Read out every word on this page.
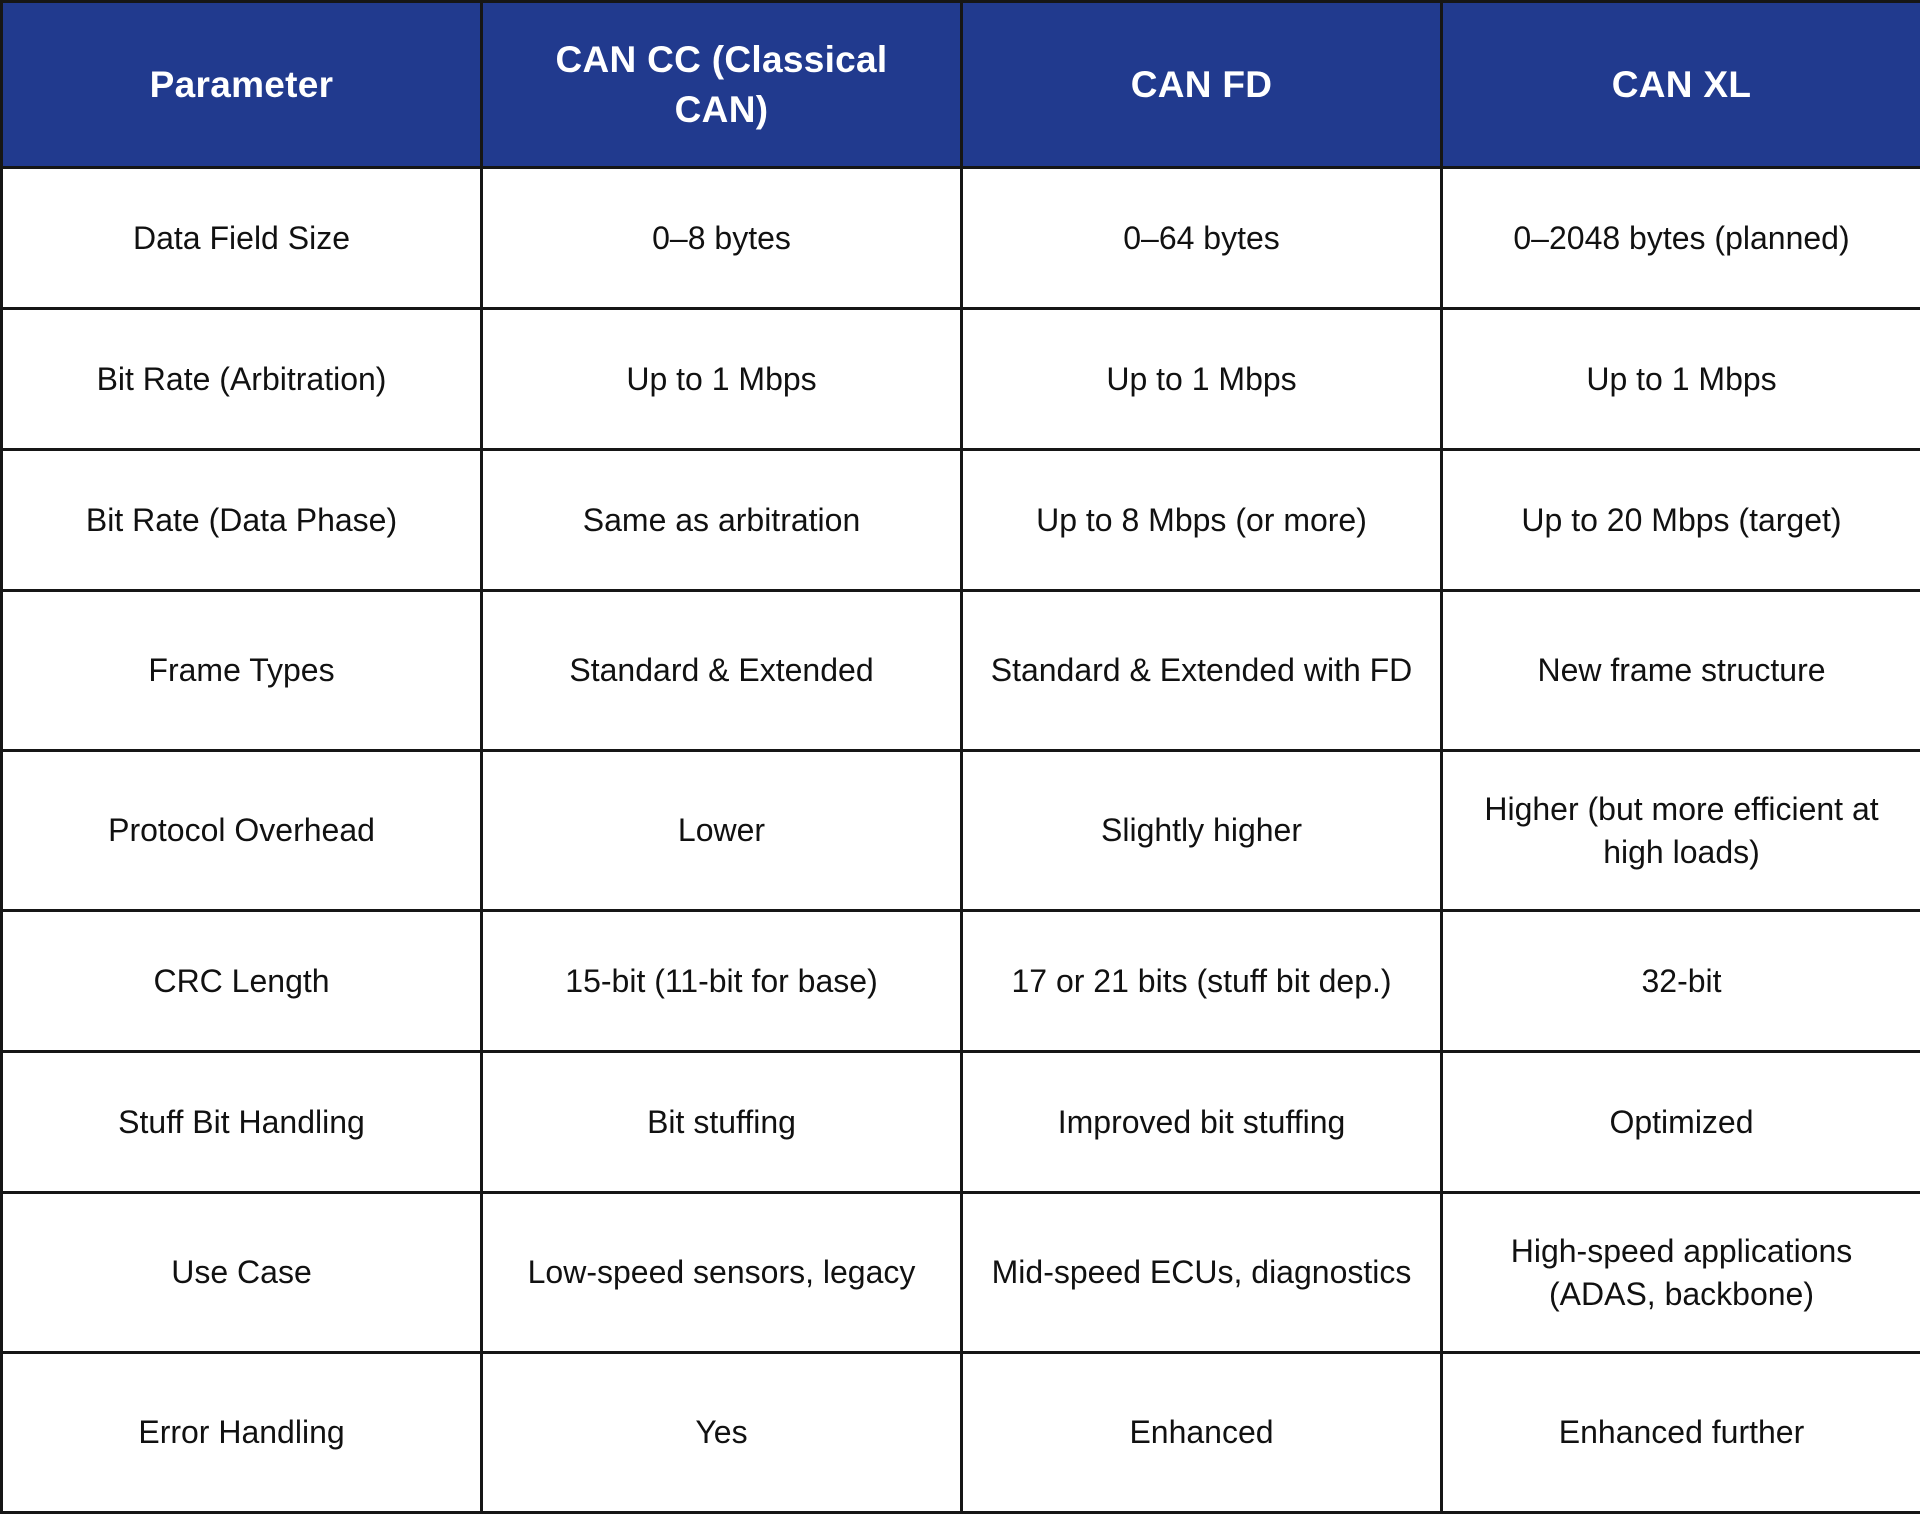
Parameter	CAN CC (Classical CAN)	CAN FD	CAN XL
Data Field Size	0–8 bytes	0–64 bytes	0–2048 bytes (planned)
Bit Rate (Arbitration)	Up to 1 Mbps	Up to 1 Mbps	Up to 1 Mbps
Bit Rate (Data Phase)	Same as arbitration	Up to 8 Mbps (or more)	Up to 20 Mbps (target)
Frame Types	Standard & Extended	Standard & Extended with FD	New frame structure
Protocol Overhead	Lower	Slightly higher	Higher (but more efficient at high loads)
CRC Length	15-bit (11-bit for base)	17 or 21 bits (stuff bit dep.)	32-bit
Stuff Bit Handling	Bit stuffing	Improved bit stuffing	Optimized
Use Case	Low-speed sensors, legacy	Mid-speed ECUs, diagnostics	High-speed applications (ADAS, backbone)
Error Handling	Yes	Enhanced	Enhanced further
